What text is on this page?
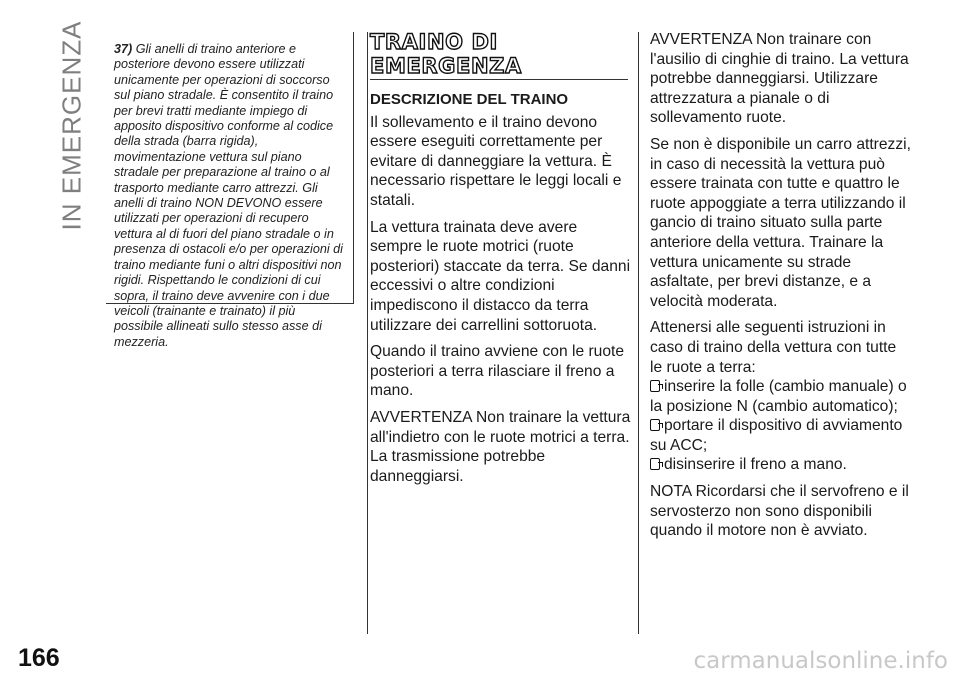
IN EMERGENZA
166
37) Gli anelli di traino anteriore e posteriore devono essere utilizzati unicamente per operazioni di soccorso sul piano stradale. È consentito il traino per brevi tratti mediante impiego di apposito dispositivo conforme al codice della strada (barra rigida), movimentazione vettura sul piano stradale per preparazione al traino o al trasporto mediante carro attrezzi. Gli anelli di traino NON DEVONO essere utilizzati per operazioni di recupero vettura al di fuori del piano stradale o in presenza di ostacoli e/o per operazioni di traino mediante funi o altri dispositivi non rigidi. Rispettando le condizioni di cui sopra, il traino deve avvenire con i due veicoli (trainante e trainato) il più possibile allineati sullo stesso asse di mezzeria.
TRAINO DI
EMERGENZA
DESCRIZIONE DEL TRAINO

Il sollevamento e il traino devono essere eseguiti correttamente per evitare di danneggiare la vettura. È necessario rispettare le leggi locali e statali.

La vettura trainata deve avere sempre le ruote motrici (ruote posteriori) staccate da terra. Se danni eccessivi o altre condizioni impediscono il distacco da terra utilizzare dei carrellini sottoruota.

Quando il traino avviene con le ruote posteriori a terra rilasciare il freno a mano.

AVVERTENZA Non trainare la vettura all'indietro con le ruote motrici a terra. La trasmissione potrebbe danneggiarsi.

AVVERTENZA Non trainare con l'ausilio di cinghie di traino. La vettura potrebbe danneggiarsi. Utilizzare attrezzatura a pianale o di sollevamento ruote.

Se non è disponibile un carro attrezzi, in caso di necessità la vettura può essere trainata con tutte e quattro le ruote appoggiate a terra utilizzando il gancio di traino situato sulla parte anteriore della vettura. Trainare la vettura unicamente su strade asfaltate, per brevi distanze, e a velocità moderata.

Attenersi alle seguenti istruzioni in caso di traino della vettura con tutte le ruote a terra:

inserire la folle (cambio manuale) o la posizione N (cambio automatico);
portare il dispositivo di avviamento su ACC;
disinserire il freno a mano.

NOTA Ricordarsi che il servofreno e il servosterzo non sono disponibili quando il motore non è avviato.

carmanualsonline.info
